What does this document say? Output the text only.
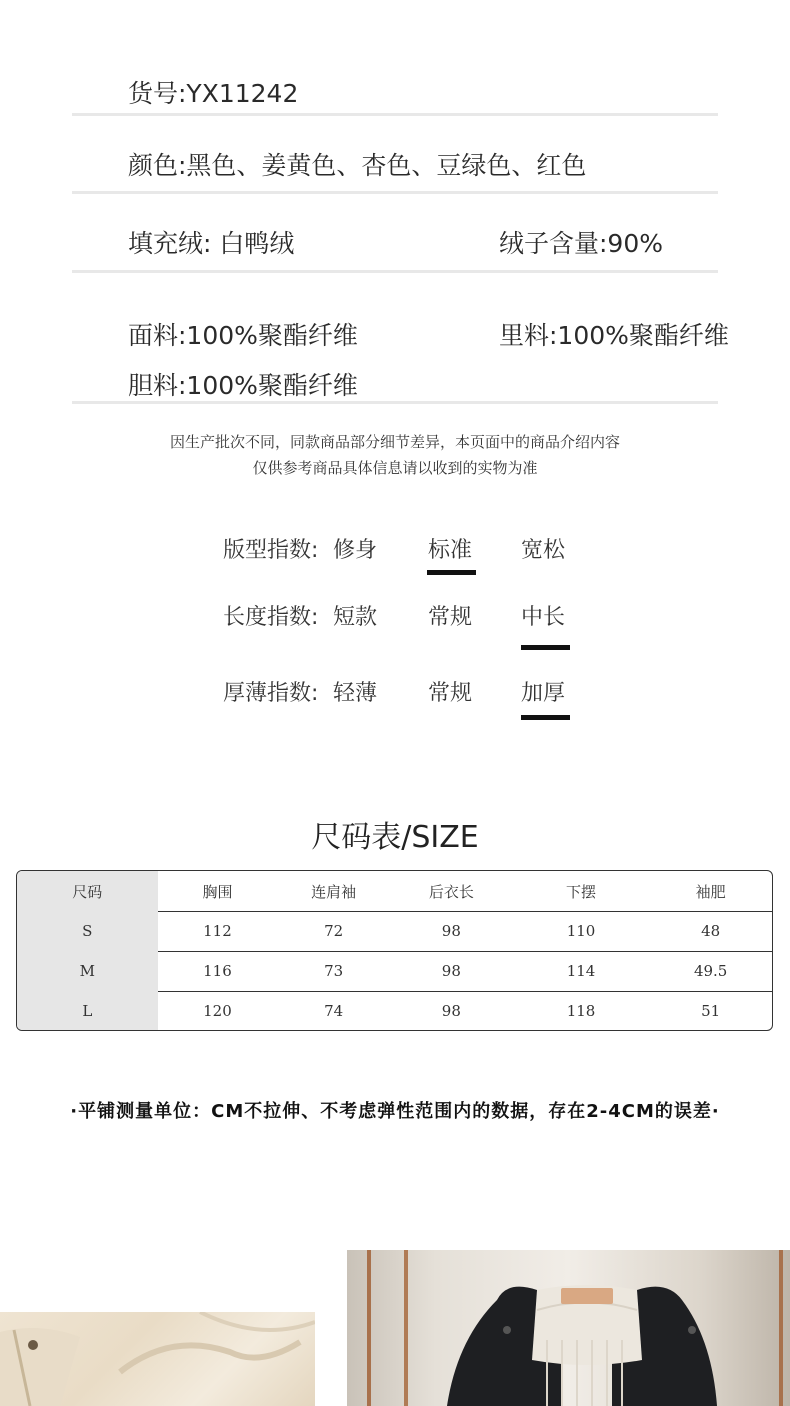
货号:YX11242
颜色:黑色、姜黄色、杏色、豆绿色、红色
填充绒: 白鸭绒	绒子含量:90%
面料:100%聚酯纤维	里料:100%聚酯纤维
胆料:100%聚酯纤维
因生产批次不同，同款商品部分细节差异，本页面中的商品介绍内容
仅供参考商品具体信息请以收到的实物为准
版型指数: 修身 标准 宽松
长度指数: 短款 常规 中长
厚薄指数: 轻薄 常规 加厚
尺码表/SIZE
尺码	胸围	连肩袖	后衣长	下摆	袖肥
S	112	72	98	110	48
M	116	73	98	114	49.5
L	120	74	98	118	51
·平铺测量单位：CM不拉伸、不考虑弹性范围内的数据，存在2-4CM的误差·
